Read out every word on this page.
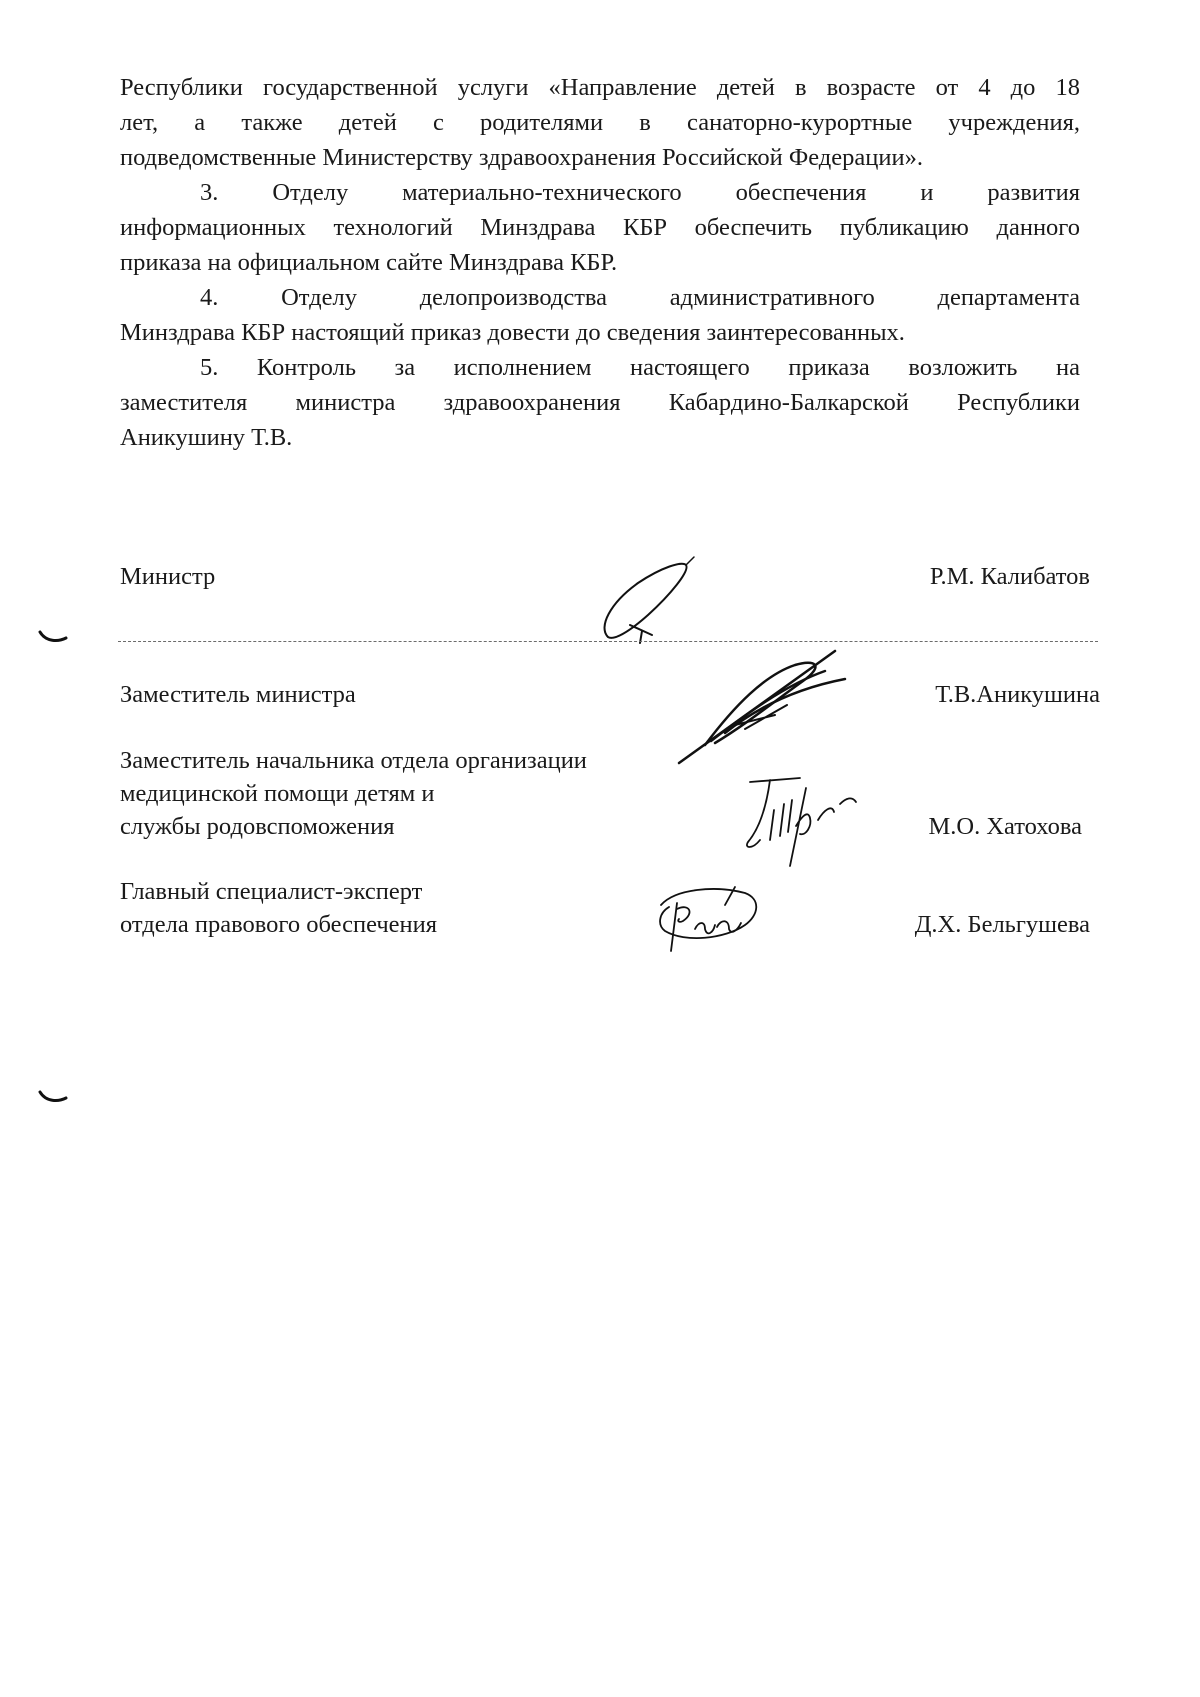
Республики государственной услуги «Направление детей в возрасте от 4 до 18

лет, а также детей с родителями в санаторно-курортные учреждения,

подведомственные Министерству здравоохранения Российской Федерации».

3. Отделу материально-технического обеспечения и развития

информационных технологий Минздрава КБР обеспечить публикацию данного

приказа на официальном сайте Минздрава КБР.

4. Отделу делопроизводства административного департамента

Минздрава КБР настоящий приказ довести до сведения заинтересованных.

5. Контроль за исполнением настоящего приказа возложить на

заместителя министра здравоохранения Кабардино-Балкарской Республики

Аникушину Т.В.

Министр	Р.М. Калибатов
Заместитель министра	Т.В.Аникушина
Заместитель начальника отдела организации
медицинской помощи детям и
службы родовспоможения	М.О. Хатохова
Главный специалист-эксперт
отдела правового обеспечения	Д.Х. Бельгушева
